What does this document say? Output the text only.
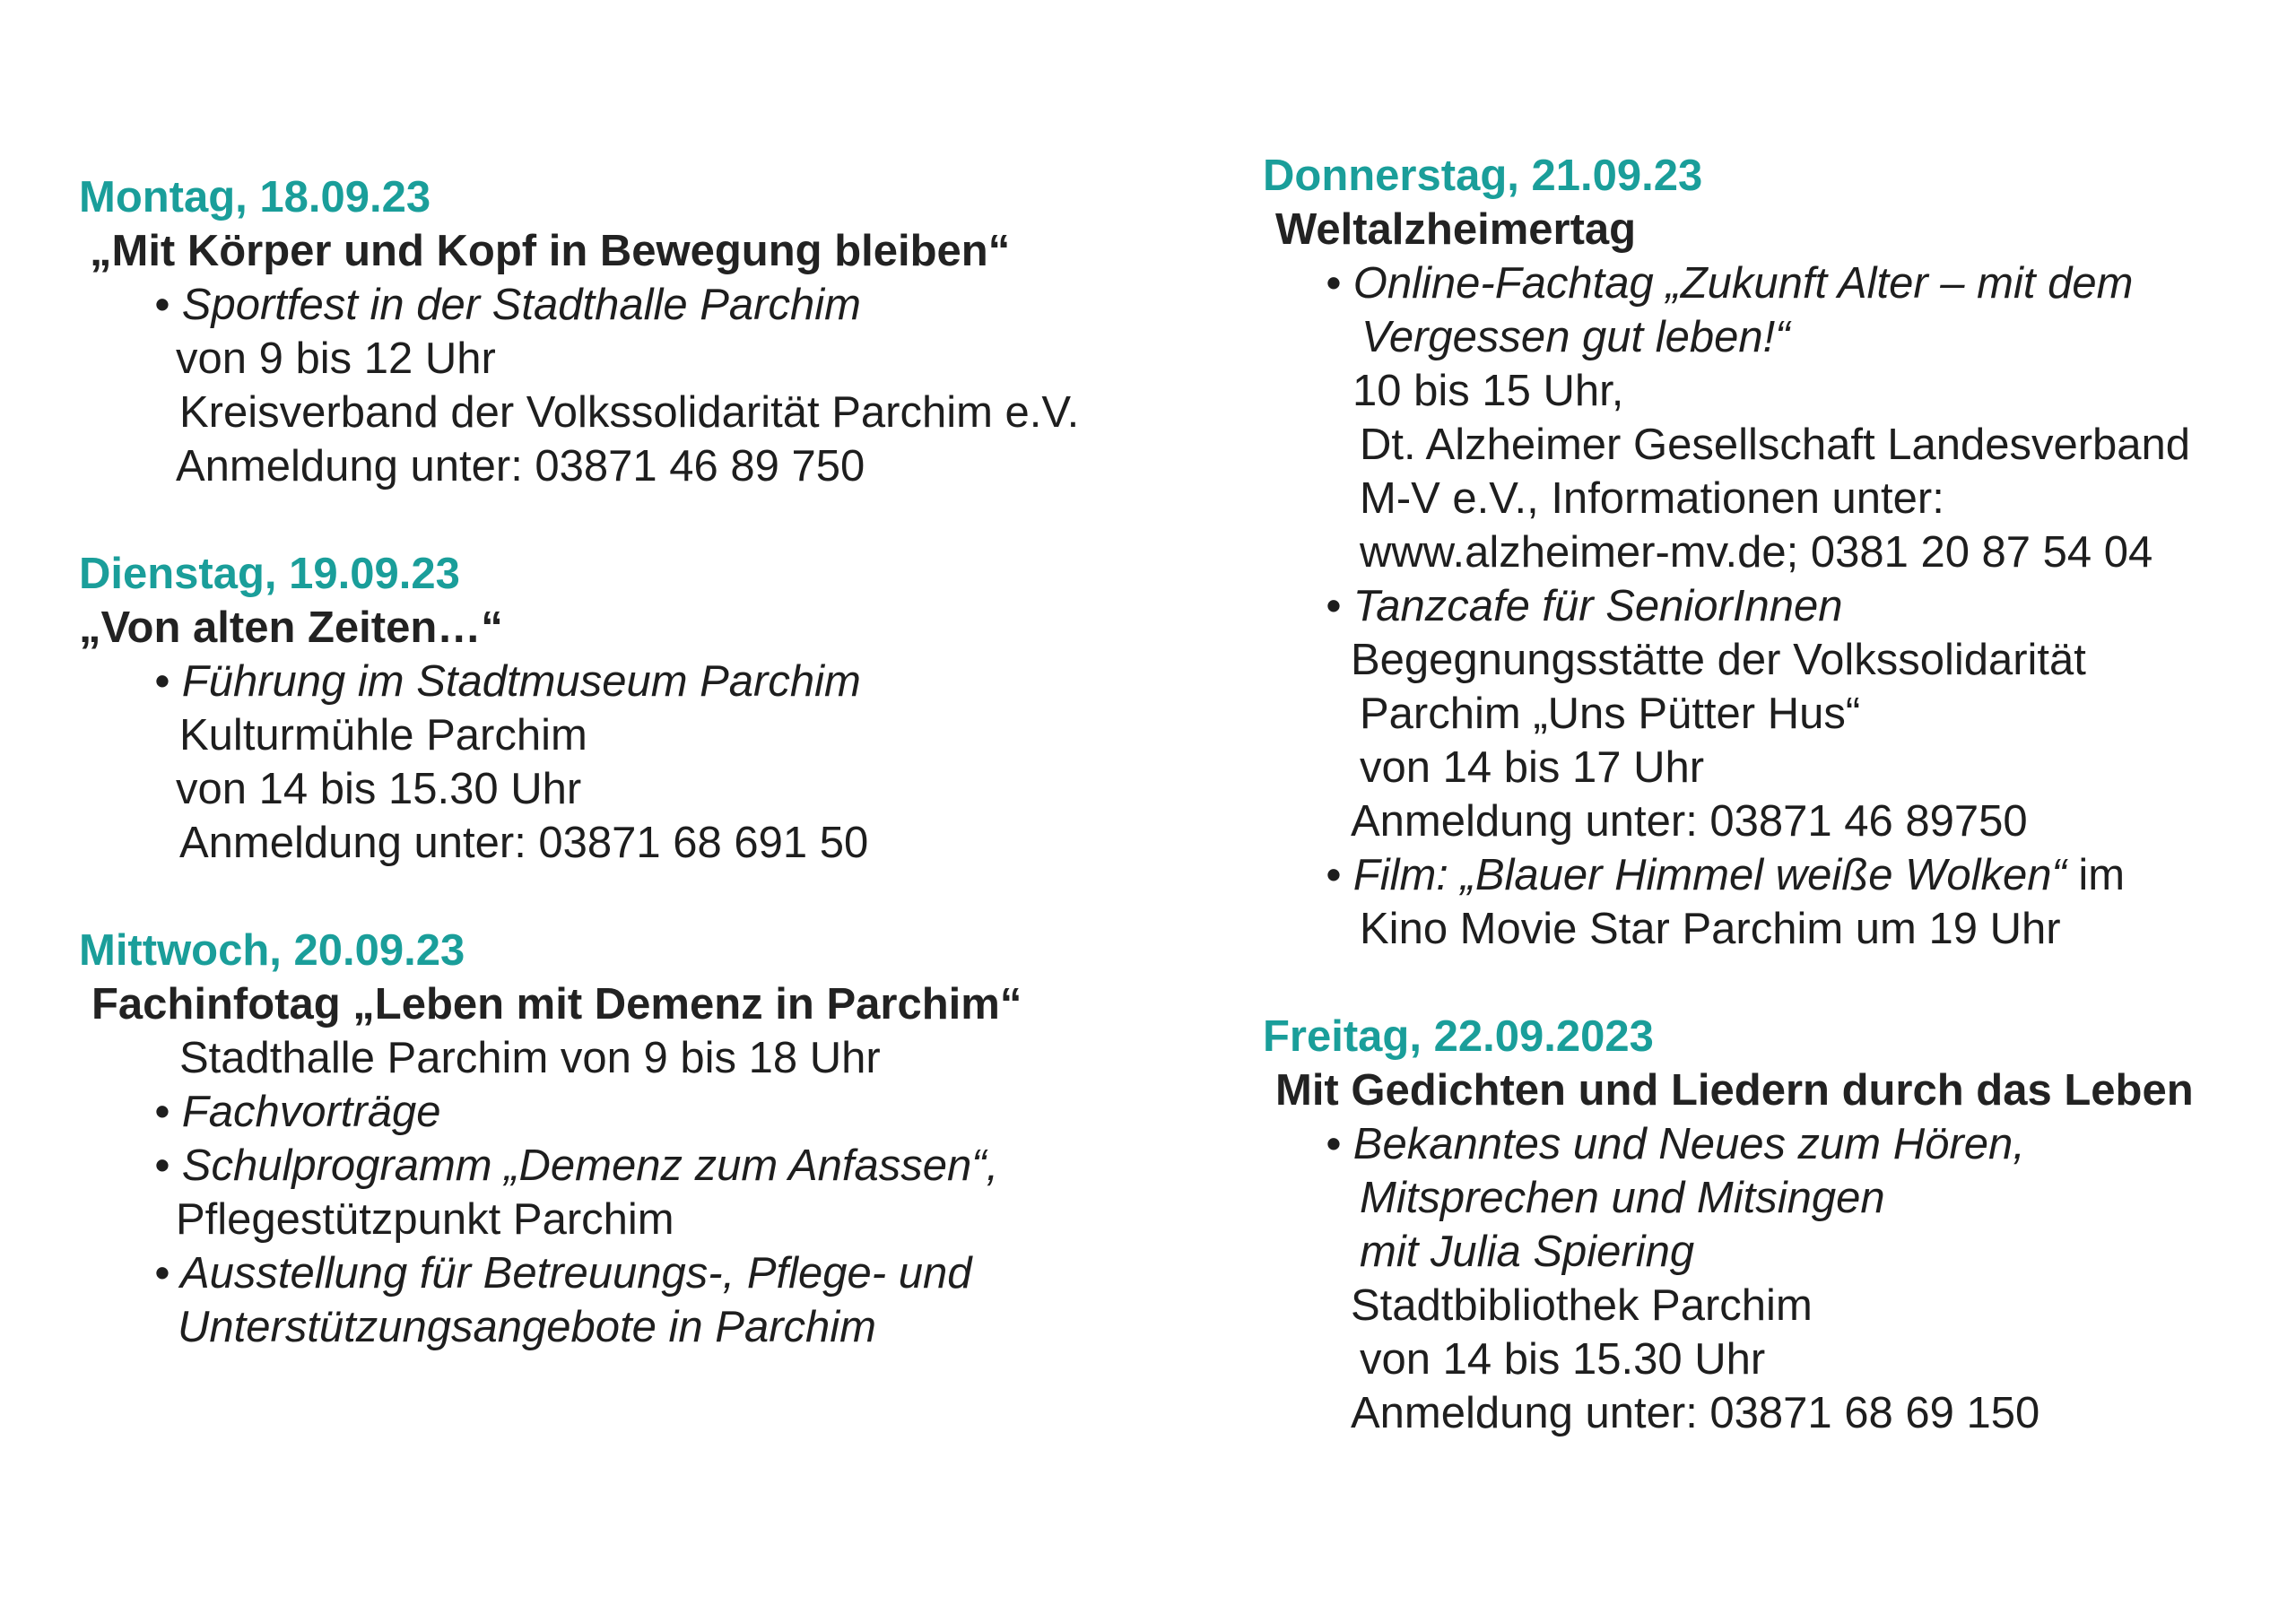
Montag, 18.09.23
„Mit Körper und Kopf in Bewegung bleiben“
• Sportfest in der Stadthalle Parchim
von 9 bis 12 Uhr
Kreisverband der Volkssolidarität Parchim e.V.
Anmeldung unter: 03871 46 89 750
Dienstag, 19.09.23
„Von alten Zeiten…“
• Führung im Stadtmuseum Parchim
Kulturmühle Parchim
von 14 bis 15.30 Uhr
Anmeldung unter: 03871 68 691 50
Mittwoch, 20.09.23
Fachinfotag „Leben mit Demenz in Parchim“
Stadthalle Parchim von 9 bis 18 Uhr
• Fachvorträge
• Schulprogramm „Demenz zum Anfassen“,
Pflegestützpunkt Parchim
• Ausstellung für Betreuungs-, Pflege- und
Unterstützungsangebote in Parchim
Donnerstag, 21.09.23
Weltalzheimertag
• Online-Fachtag „Zukunft Alter – mit dem
Vergessen gut leben!“
10 bis 15 Uhr,
Dt. Alzheimer Gesellschaft Landesverband
M-V e.V., Informationen unter:
www.alzheimer-mv.de; 0381 20 87 54 04
• Tanzcafe für SeniorInnen
Begegnungsstätte der Volkssolidarität
Parchim „Uns Pütter Hus“
von 14 bis 17 Uhr
Anmeldung unter: 03871 46 89750
• Film: „Blauer Himmel weiße Wolken“ im
Kino Movie Star Parchim um 19 Uhr
Freitag, 22.09.2023
Mit Gedichten und Liedern durch das Leben
• Bekanntes und Neues zum Hören,
Mitsprechen und Mitsingen
mit Julia Spiering
Stadtbibliothek Parchim
von 14 bis 15.30 Uhr
Anmeldung unter: 03871 68 69 150
